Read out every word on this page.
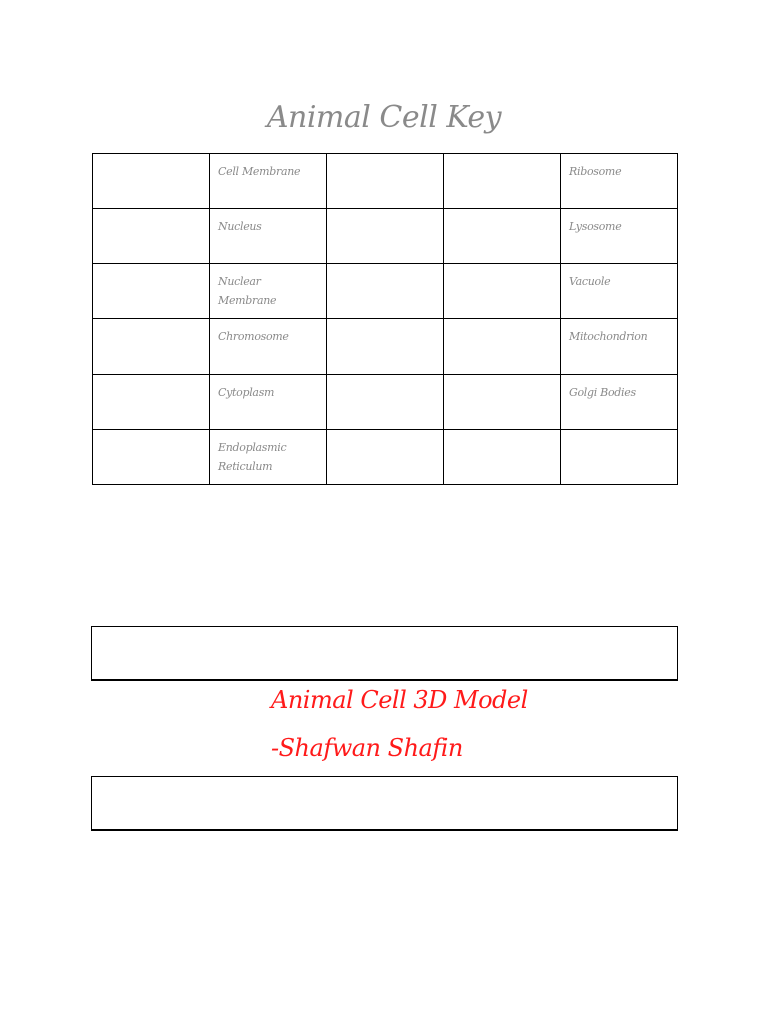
Animal Cell Key
	Cell Membrane			Ribosome
	Nucleus			Lysosome
	Nuclear Membrane			Vacuole
	Chromosome			Mitochondrion
	Cytoplasm			Golgi Bodies
	Endoplasmic Reticulum			
Animal Cell 3D Model
-Shafwan Shafin
